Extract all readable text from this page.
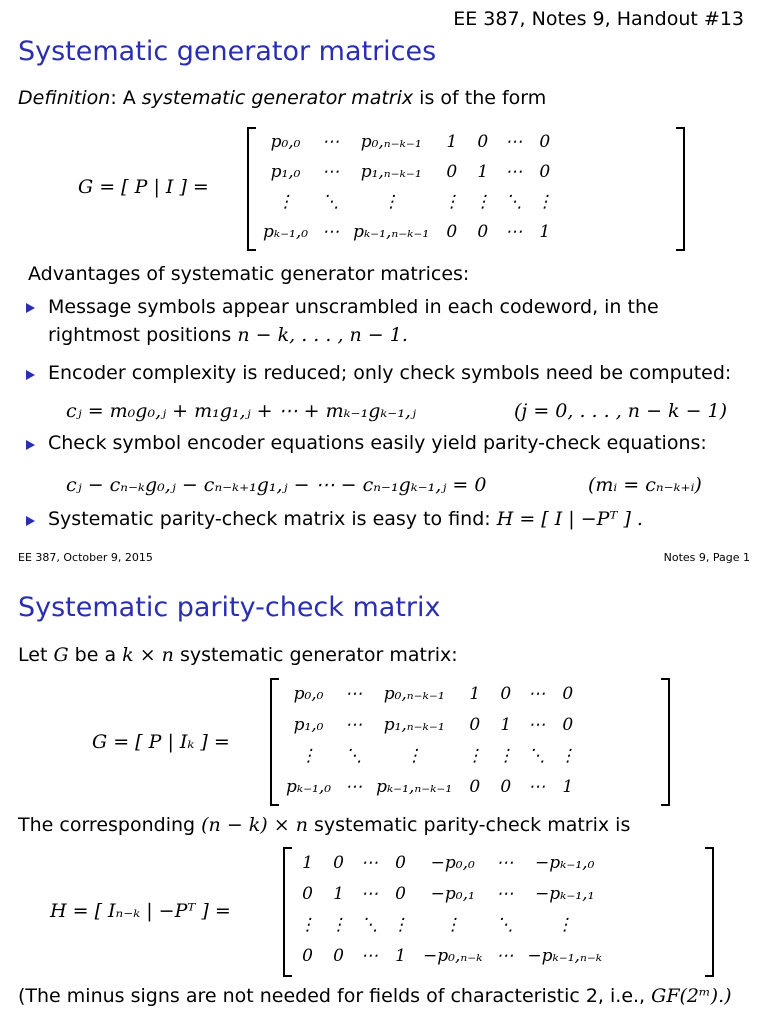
EE 387, Notes 9, Handout #13
Systematic generator matrices
Definition: A systematic generator matrix is of the form
G = [ P | I ] =
p₀,₀	⋯	p₀,ₙ₋ₖ₋₁	1	0	⋯	0
p₁,₀	⋯	p₁,ₙ₋ₖ₋₁	0	1	⋯	0
⋮	⋱	⋮	⋮	⋮	⋱	⋮
pₖ₋₁,₀	⋯	pₖ₋₁,ₙ₋ₖ₋₁	0	0	⋯	1
Advantages of systematic generator matrices:
Message symbols appear unscrambled in each codeword, in the
rightmost positions n − k, . . . , n − 1.
Encoder complexity is reduced; only check symbols need be computed:
cⱼ = m₀g₀,ⱼ + m₁g₁,ⱼ + ⋯ + mₖ₋₁gₖ₋₁,ⱼ	(j = 0, . . . , n − k − 1)
Check symbol encoder equations easily yield parity-check equations:
cⱼ − cₙ₋ₖg₀,ⱼ − cₙ₋ₖ₊₁g₁,ⱼ − ⋯ − cₙ₋₁gₖ₋₁,ⱼ = 0	(mᵢ = cₙ₋ₖ₊ᵢ)
Systematic parity-check matrix is easy to find: H = [ I | −Pᵀ ] .
EE 387, October 9, 2015	Notes 9, Page 1
Systematic parity-check matrix
Let G be a k × n systematic generator matrix:
G = [ P | Iₖ ] =
p₀,₀	⋯	p₀,ₙ₋ₖ₋₁	1	0	⋯	0
p₁,₀	⋯	p₁,ₙ₋ₖ₋₁	0	1	⋯	0
⋮	⋱	⋮	⋮	⋮	⋱	⋮
pₖ₋₁,₀	⋯	pₖ₋₁,ₙ₋ₖ₋₁	0	0	⋯	1
The corresponding (n − k) × n systematic parity-check matrix is
H = [ Iₙ₋ₖ | −Pᵀ ] =
1	0	⋯	0	−p₀,₀	⋯	−pₖ₋₁,₀
0	1	⋯	0	−p₀,₁	⋯	−pₖ₋₁,₁
⋮	⋮	⋱	⋮	⋮	⋱	⋮
0	0	⋯	1	−p₀,ₙ₋ₖ	⋯	−pₖ₋₁,ₙ₋ₖ
(The minus signs are not needed for fields of characteristic 2, i.e., GF(2ᵐ).)
